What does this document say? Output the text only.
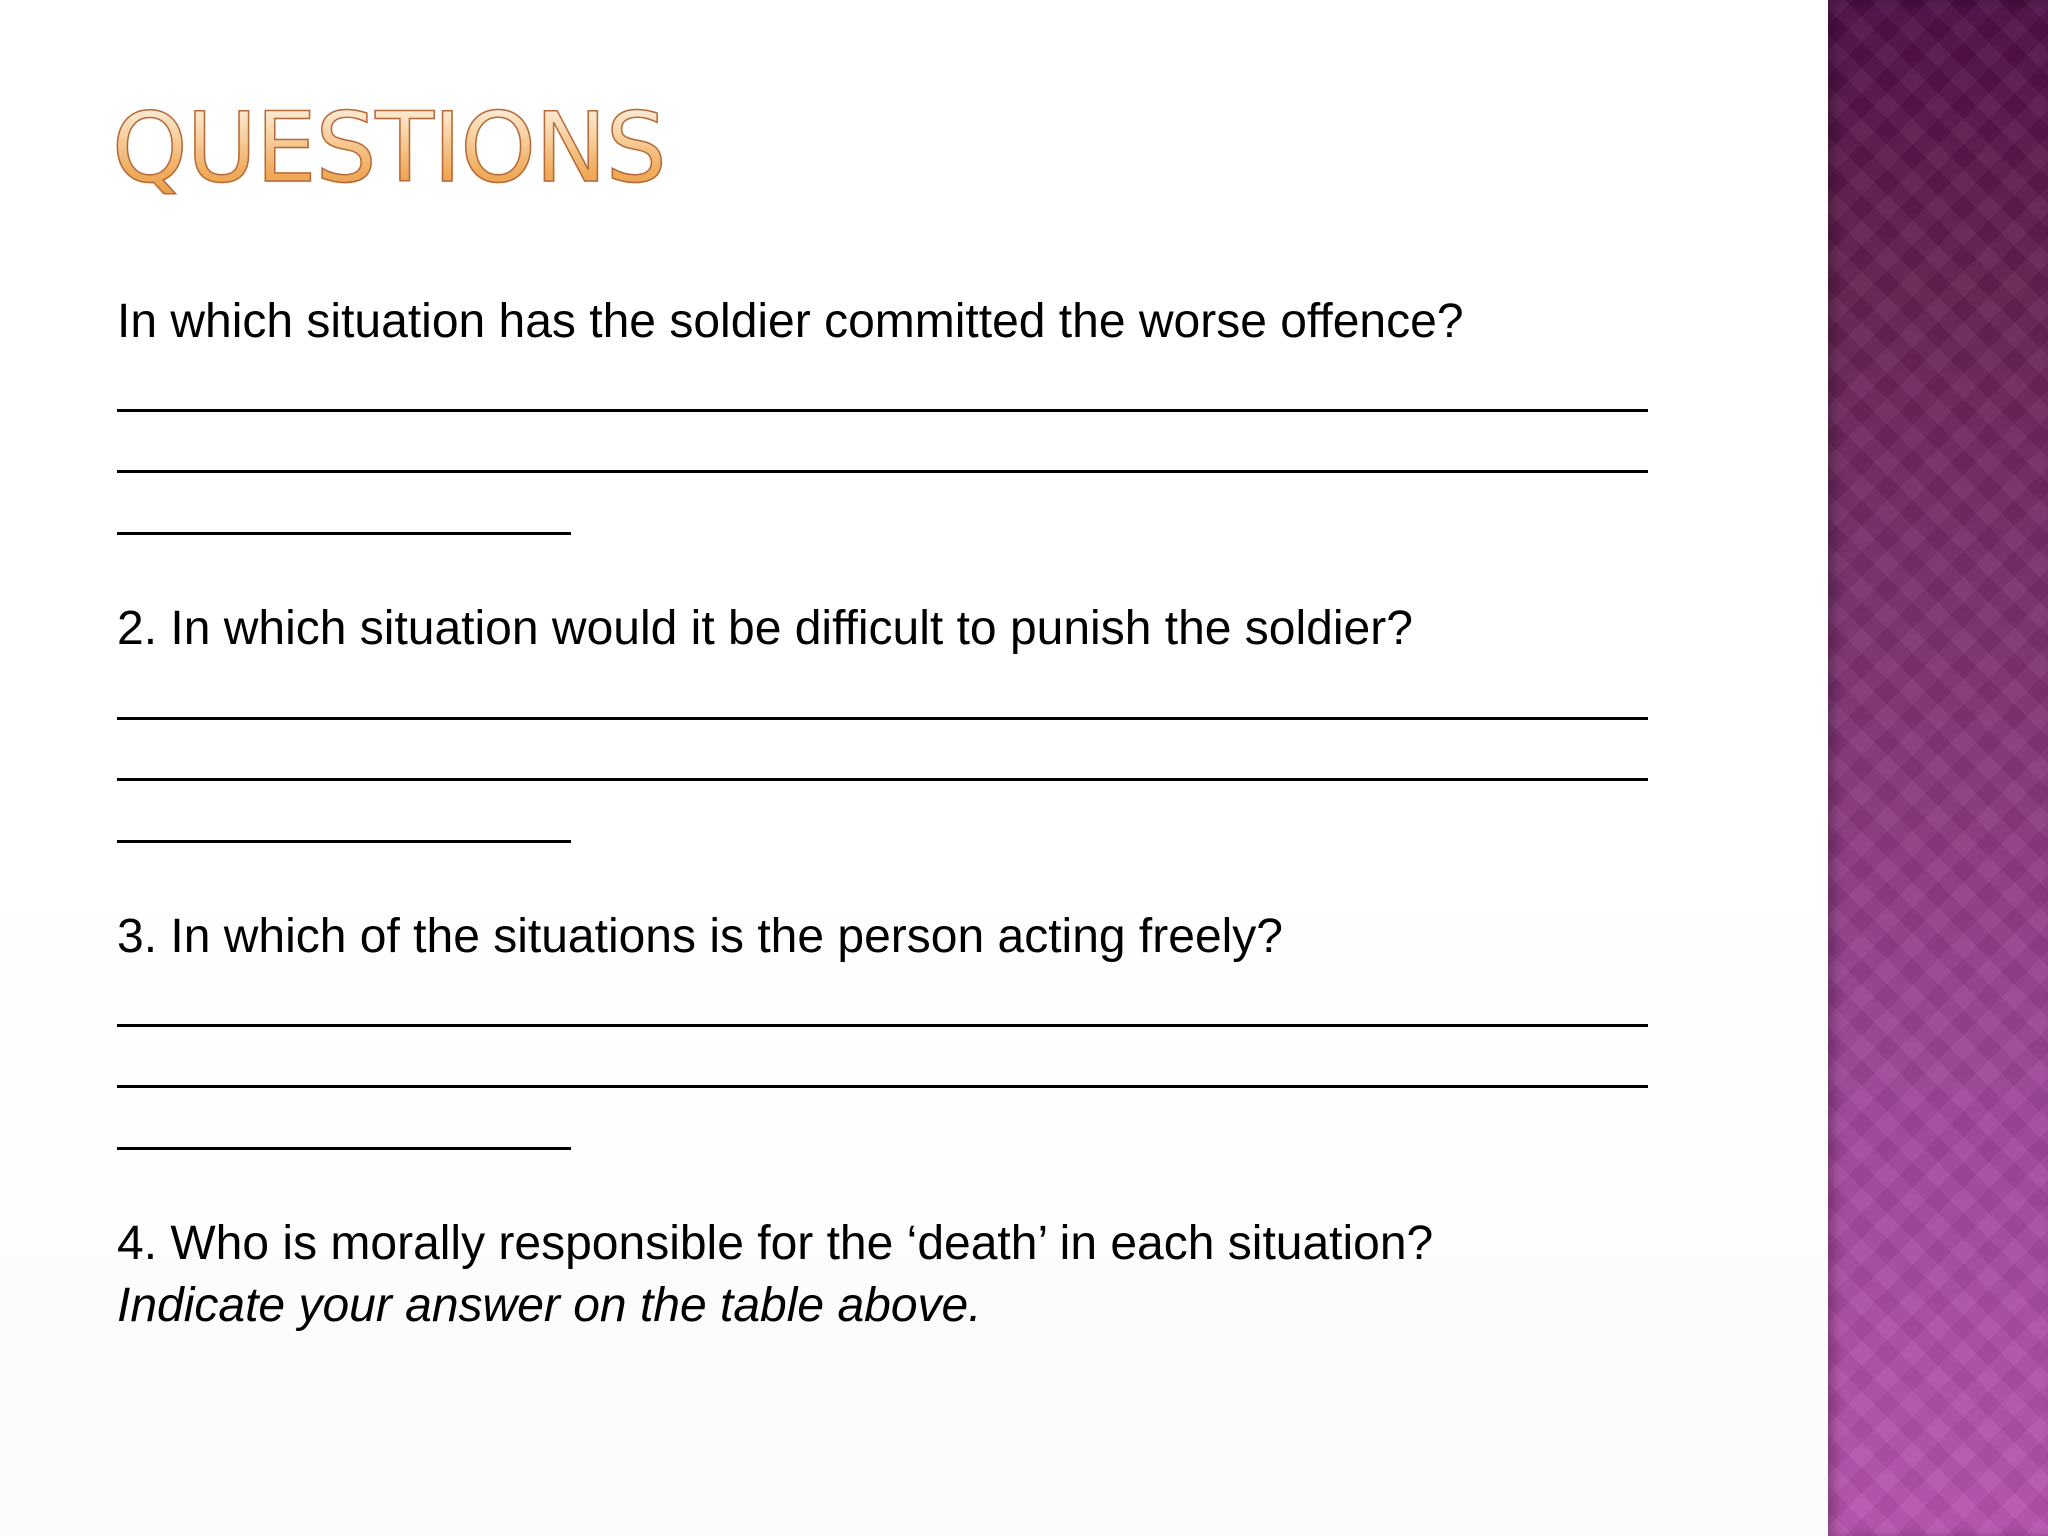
QUESTIONS

In which situation has the soldier committed the worse offence?

2. In which situation would it be difficult to punish the soldier?

3. In which of the situations is the person acting freely?

4. Who is morally responsible for the ‘death’ in each situation?
Indicate your answer on the table above.
